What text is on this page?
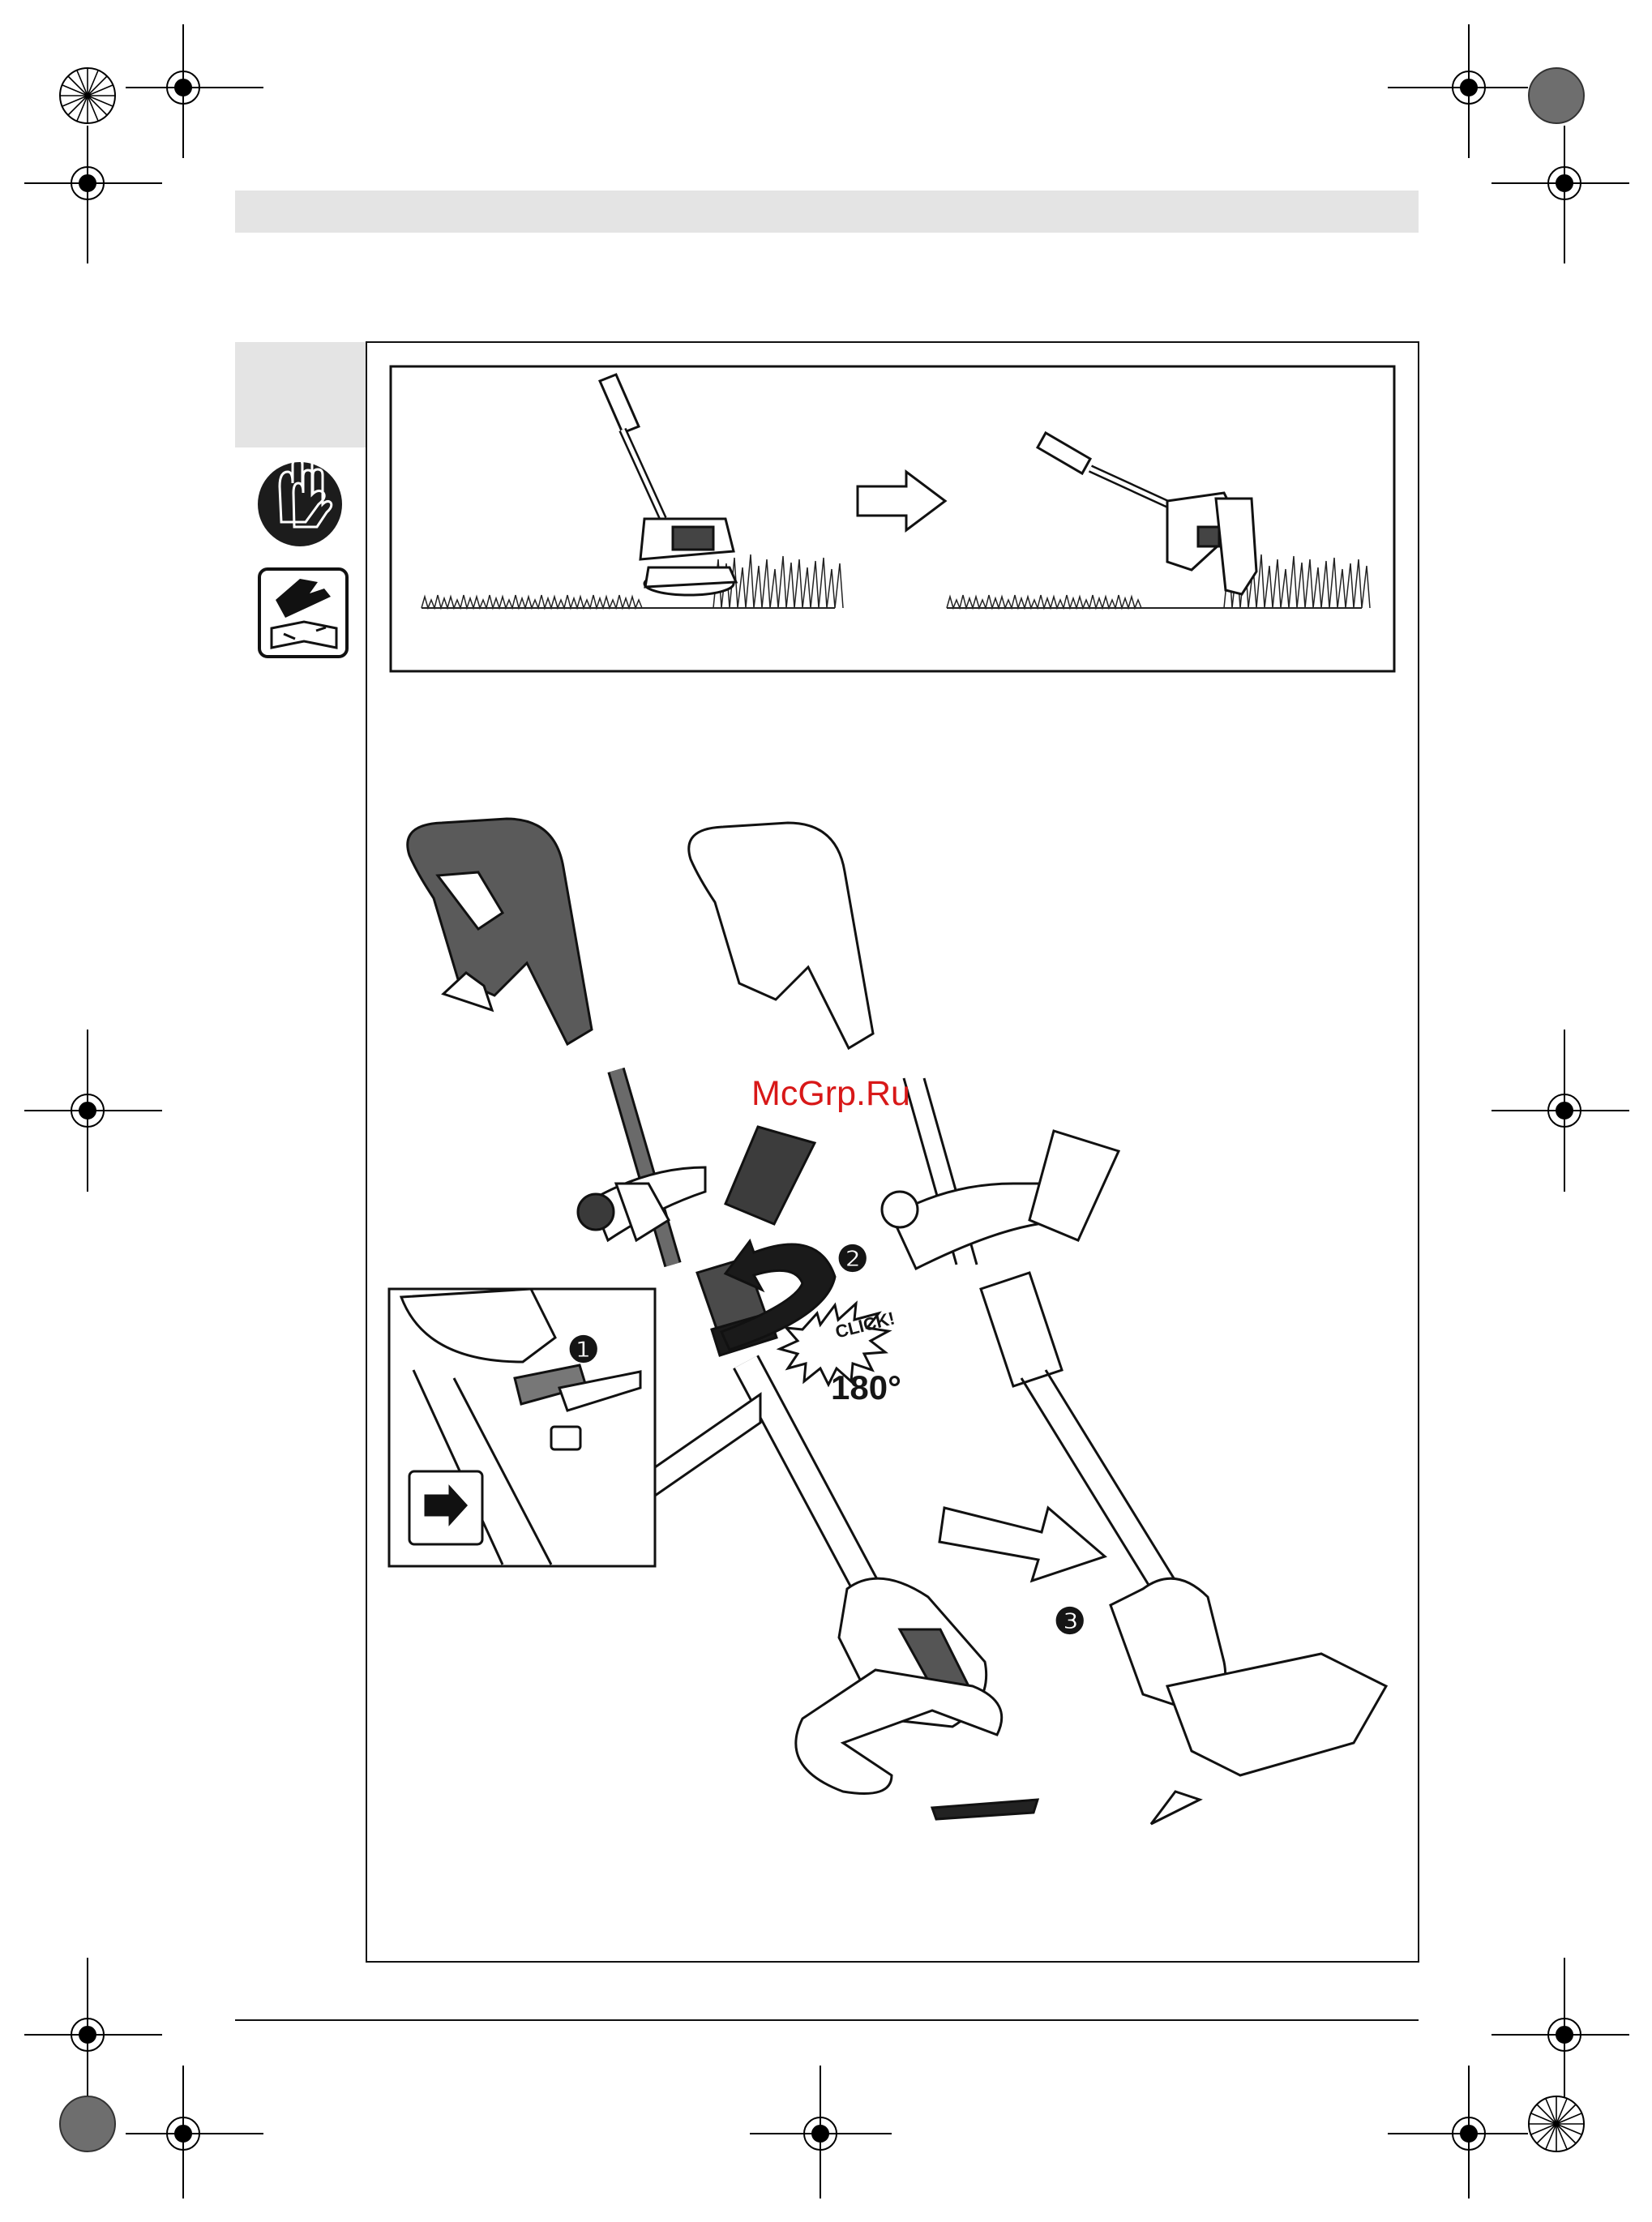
McGrp.Ru
❷
❶
❸
CLICK!
180°
